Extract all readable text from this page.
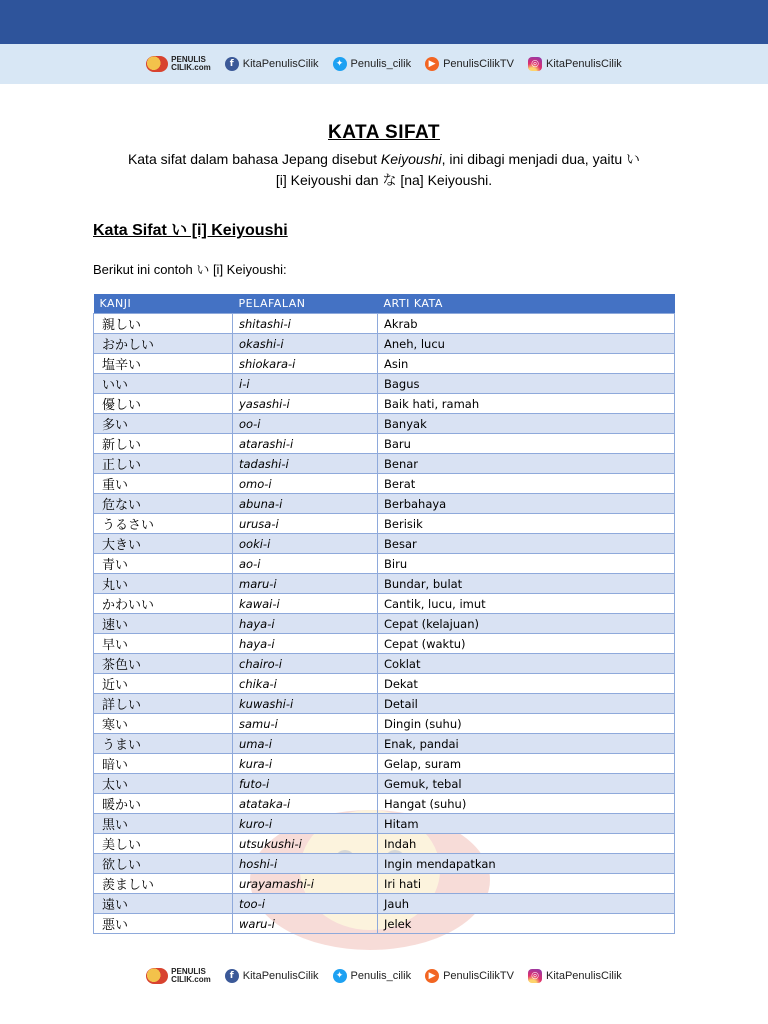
PENULIS
CILIK.com	f KitaPenulisCilik	✦ Penulis_cilik	▶ PenulisCilikTV	◎ KitaPenulisCilik
KATA SIFAT
Kata sifat dalam bahasa Jepang disebut Keiyoushi, ini dibagi menjadi dua, yaitu い
[i] Keiyoushi dan な [na] Keiyoushi.
Kata Sifat い [i] Keiyoushi
Berikut ini contoh い [i] Keiyoushi:
KANJI	PELAFALAN	ARTI KATA
親しい	shitashi-i	Akrab
おかしい	okashi-i	Aneh, lucu
塩辛い	shiokara-i	Asin
いい	i-i	Bagus
優しい	yasashi-i	Baik hati, ramah
多い	oo-i	Banyak
新しい	atarashi-i	Baru
正しい	tadashi-i	Benar
重い	omo-i	Berat
危ない	abuna-i	Berbahaya
うるさい	urusa-i	Berisik
大きい	ooki-i	Besar
青い	ao-i	Biru
丸い	maru-i	Bundar, bulat
かわいい	kawai-i	Cantik, lucu, imut
速い	haya-i	Cepat (kelajuan)
早い	haya-i	Cepat (waktu)
茶色い	chairo-i	Coklat
近い	chika-i	Dekat
詳しい	kuwashi-i	Detail
寒い	samu-i	Dingin (suhu)
うまい	uma-i	Enak, pandai
暗い	kura-i	Gelap, suram
太い	futo-i	Gemuk, tebal
暖かい	atataka-i	Hangat (suhu)
黒い	kuro-i	Hitam
美しい	utsukushi-i	Indah
欲しい	hoshi-i	Ingin mendapatkan
羨ましい	urayamashi-i	Iri hati
遠い	too-i	Jauh
悪い	waru-i	Jelek
PENULIS
CILIK.com	f KitaPenulisCilik	✦ Penulis_cilik	▶ PenulisCilikTV	◎ KitaPenulisCilik
